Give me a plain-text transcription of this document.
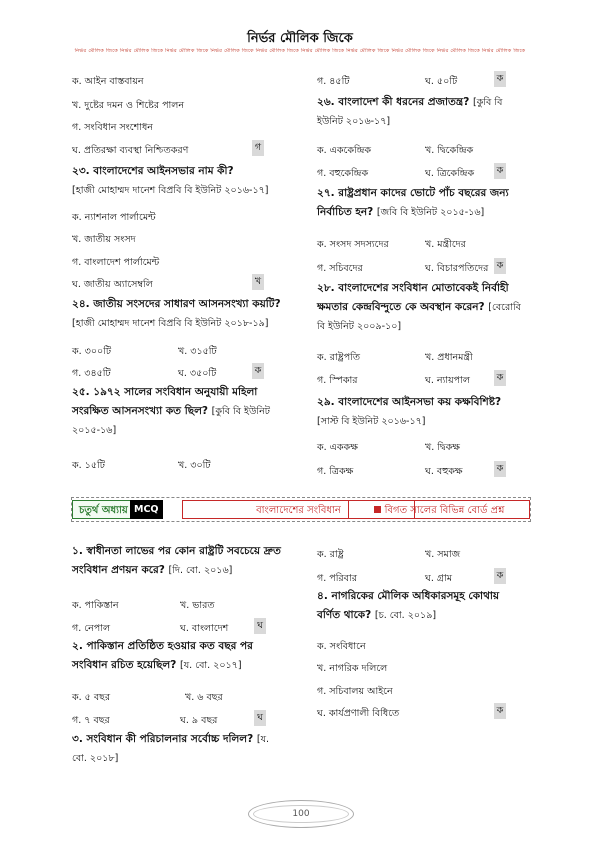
নির্ভর মৌলিক জিকে
নির্ভর মৌলিক জিকে নির্ভর মৌলিক জিকে নির্ভর মৌলিক জিকে নির্ভর মৌলিক জিকে নির্ভর মৌলিক জিকে নির্ভর মৌলিক জিকে নির্ভর মৌলিক জিকে নির্ভর মৌলিক জিকে নির্ভর মৌলিক জিকে নির্ভর মৌলিক জিকে
ক. আইন বাস্তবায়ন
খ. দুষ্টের দমন ও শিষ্টের পালন
গ. সংবিধান সংশোধন
ঘ. প্রতিরক্ষা ব্যবস্থা নিশ্চিতকরণ	গ
২৩. বাংলাদেশের আইনসভার নাম কী?
[হাজী মোহাম্মদ দানেশ বিপ্রবি বি ইউনিট ২০১৬-১৭]
ক. ন্যাশনাল পার্লামেন্ট
খ. জাতীয় সংসদ
গ. বাংলাদেশ পার্লামেন্ট
ঘ. জাতীয় অ্যাসেম্বলি	খ
২৪. জাতীয় সংসদের সাধারণ আসনসংখ্যা কয়টি?
[হাজী মোহাম্মদ দানেশ বিপ্রবি বি ইউনিট ২০১৮-১৯]
ক. ৩০০টি	খ. ৩১৫টি
গ. ৩৪৫টি	ঘ. ৩৫০টি	ক
২৫. ১৯৭২ সালের সংবিধান অনুযায়ী মহিলা
সংরক্ষিত আসনসংখ্যা কত ছিল? [কুবি বি ইউনিট
২০১৫-১৬]
ক. ১৫টি	খ. ৩০টি
গ. ৪৫টি	ঘ. ৫০টি	ক
২৬. বাংলাদেশ কী ধরনের প্রজাতন্ত্র? [কুবি বি
ইউনিট ২০১৬-১৭]
ক. এককেন্দ্রিক	খ. দ্বিকেন্দ্রিক
গ. বহুকেন্দ্রিক	ঘ. ত্রিকেন্দ্রিক ক
২৭. রাষ্ট্রপ্রধান কাদের ভোটে পাঁচ বছরের জন্য
নির্বাচিত হন? [জবি বি ইউনিট ২০১৫-১৬]
ক. সংসদ সদস্যদের	খ. মন্ত্রীদের
গ. সচিবদের	ঘ. বিচারপতিদের ক
২৮. বাংলাদেশের সংবিধান মোতাবেকই নির্বাহী
ক্ষমতার কেন্দ্রবিন্দুতে কে অবস্থান করেন? [বেরোবি
বি ইউনিট ২০০৯-১০]
ক. রাষ্ট্রপতি	খ. প্রধানমন্ত্রী
গ. স্পিকার	ঘ. ন্যায়পাল	ক
২৯. বাংলাদেশের আইনসভা কয় কক্ষবিশিষ্ট?
[সাস্ট বি ইউনিট ২০১৬-১৭]
ক. এককক্ষ	খ. দ্বিকক্ষ
গ. ত্রিকক্ষ	ঘ. বহুকক্ষ	ক
চতুর্থ অধ্যায় MCQ	বাংলাদেশের সংবিধান	বিগত সালের বিভিন্ন বোর্ড প্রশ্ন
১. স্বাধীনতা লাভের পর কোন রাষ্ট্রটি সবচেয়ে দ্রুত
সংবিধান প্রণয়ন করে? [দি. বো. ২০১৬]
ক. পাকিস্তান	খ. ভারত
গ. নেপাল	ঘ. বাংলাদেশ	ঘ
২. পাকিস্তান প্রতিষ্ঠিত হওয়ার কত বছর পর
সংবিধান রচিত হয়েছিল? [য. বো. ২০১৭]
ক. ৫ বছর	খ. ৬ বছর
গ. ৭ বছর	ঘ. ৯ বছর	ঘ
৩. সংবিধান কী পরিচালনার সর্বোচ্চ দলিল? [য.
বো. ২০১৮]
ক. রাষ্ট্র	খ. সমাজ
গ. পরিবার	ঘ. গ্রাম	ক
৪. নাগরিকের মৌলিক অধিকারসমূহ কোথায়
বর্ণিত থাকে? [চ. বো. ২০১৯]
ক. সংবিধানে
খ. নাগরিক দলিলে
গ. সচিবালয় আইনে
ঘ. কার্যপ্রণালী বিধিতে	ক
100
